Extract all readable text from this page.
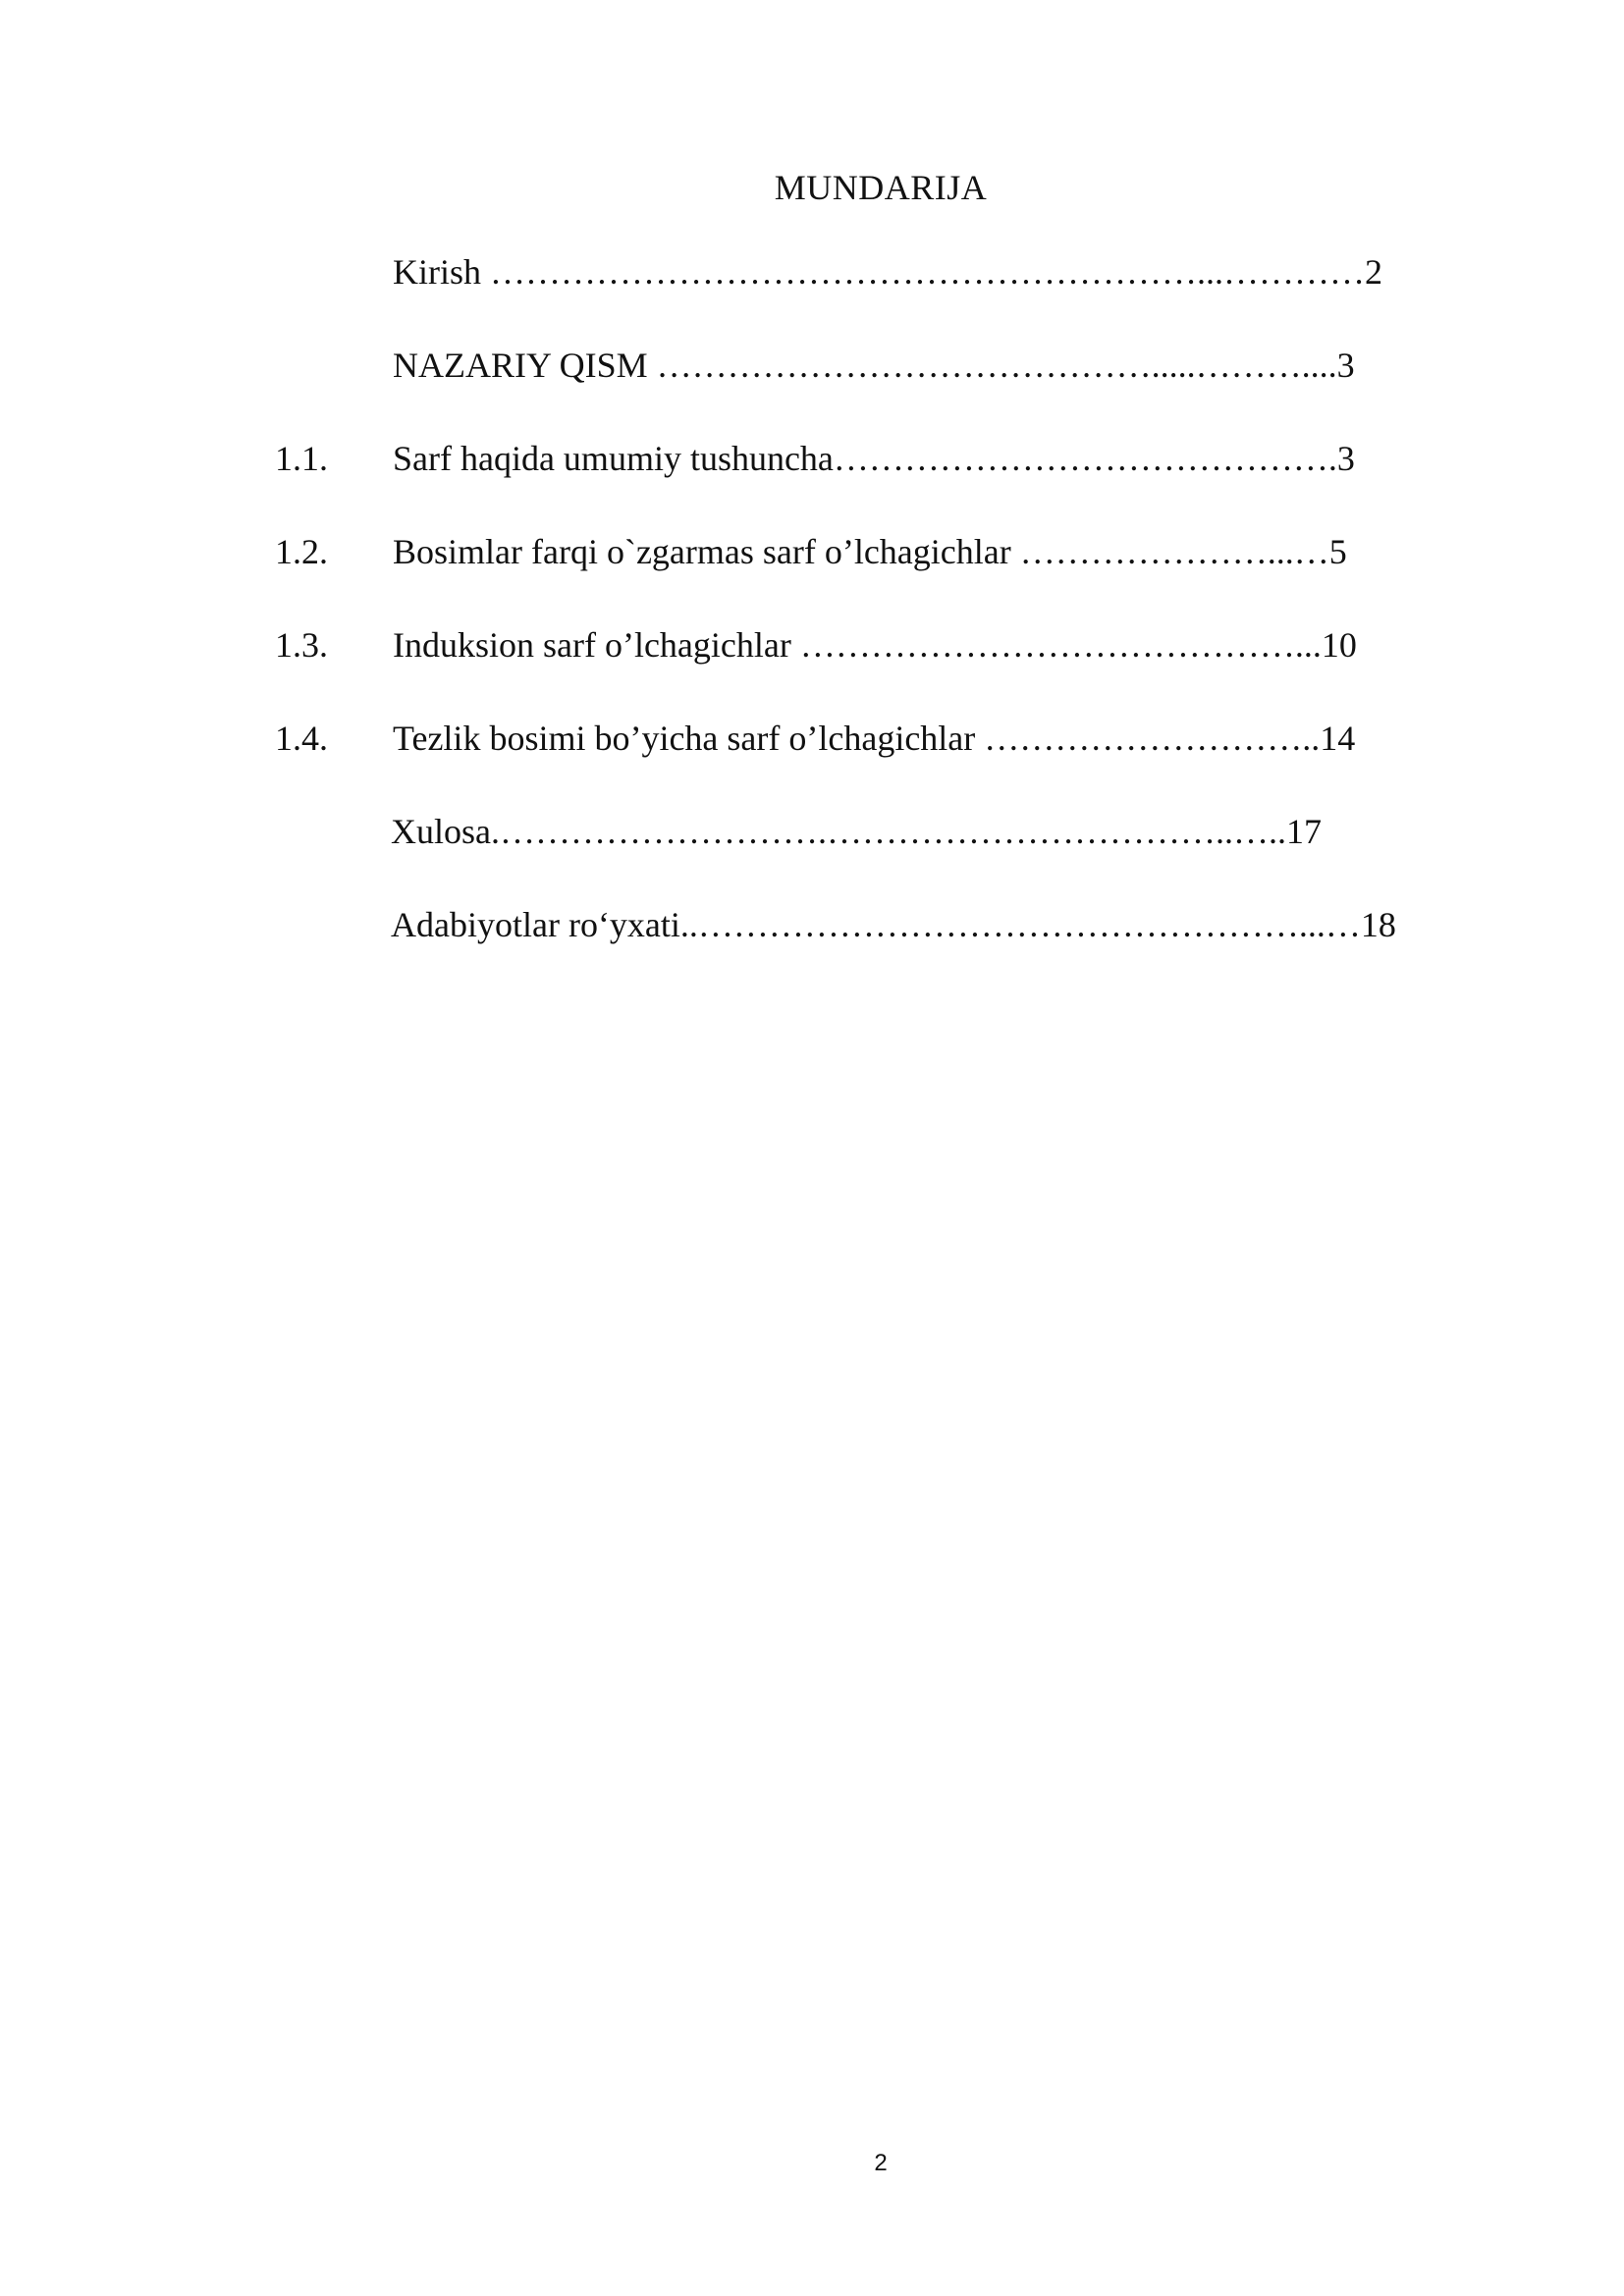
MUNDARIJA
Kirish ……………………………………………………...…………2
NAZARIY QISM …………………………………….....………....3
1.1. Sarf haqida umumiy tushuncha…………………………………….3
1.2. Bosimlar farqi o`zgarmas sarf o’lchagichlar …………………...…5
1.3. Induksion sarf o’lchagichlar ……………………………………...10
1.4. Tezlik bosimi bo’yicha sarf o’lchagichlar ………………………..14
Xulosa.……………………….……………………………..…..17
Adabiyotlar ro‘yxati..……………………………………………...…18
2
